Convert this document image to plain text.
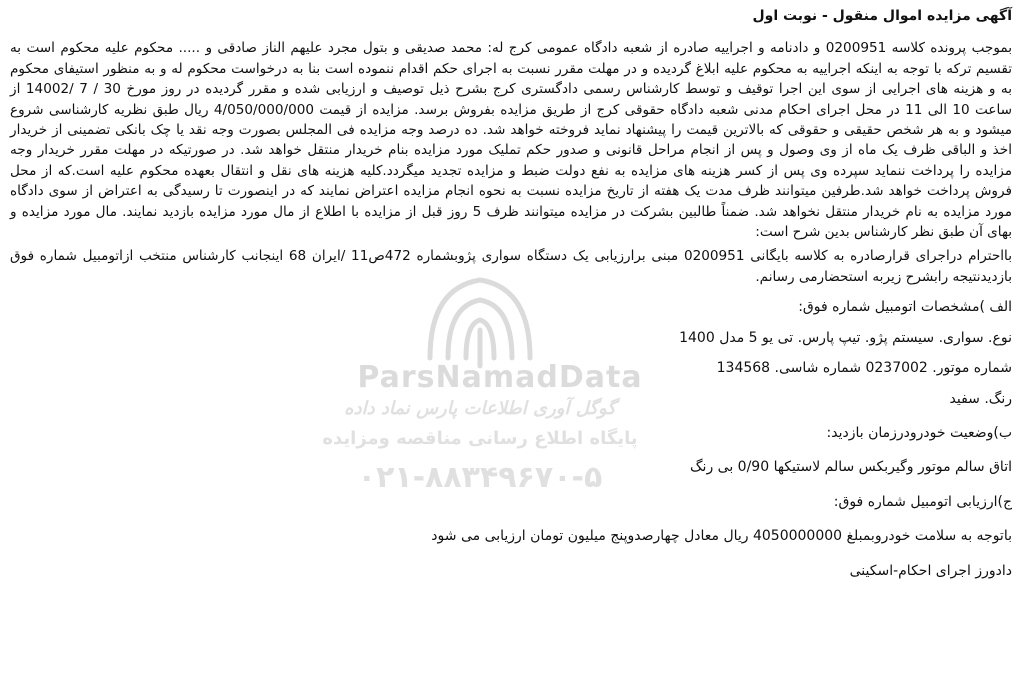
آگهی مزایده اموال منقول - نوبت اول

بموجب پرونده کلاسه 0200951 و دادنامه و اجراییه صادره از شعبه دادگاه عمومی کرج له: محمد صدیقی و بتول مجرد علیهم الناز صادقی و ..... محکوم علیه محکوم است به تقسیم ترکه با توجه به اینکه اجراییه به محکوم علیه ابلاغ گردیده و در مهلت مقرر نسبت به اجرای حکم اقدام ننموده است بنا به درخواست محکوم له و به منظور استیفای محکوم به و هزینه های اجرایی از سوی این اجرا توقیف و توسط کارشناس رسمی دادگستری کرج بشرح ذیل توصیف و ارزیابی شده و مقرر گردیده در روز مورخ 30 / 7 /14002 از ساعت 10 الی 11 در محل اجرای احکام مدنی شعبه دادگاه حقوقی کرج از طریق مزایده بفروش برسد. مزایده از قیمت 4/050/000/000 ریال طبق نظریه کارشناسی شروع میشود و به هر شخص حقیقی و حقوقی که بالاترین قیمت را پیشنهاد نماید فروخته خواهد شد. ده درصد وجه مزایده فی المجلس بصورت وجه نقد یا چک بانکی تضمینی از خریدار اخذ و الباقی ظرف یک ماه از وی وصول و پس از انجام مراحل قانونی و صدور حکم تملیک مورد مزایده بنام خریدار منتقل خواهد شد. در صورتیکه در مهلت مقرر خریدار وجه مزایده را پرداخت ننماید سپرده وی پس از کسر هزینه های مزایده به نفع دولت ضبط و مزایده تجدید میگردد.کلیه هزینه های نقل و انتقال بعهده محکوم علیه است.که از محل فروش پرداخت خواهد شد.طرفین میتوانند ظرف مدت یک هفته از تاریخ مزایده نسبت به نحوه انجام مزایده اعتراض نمایند که در اینصورت تا رسیدگی به اعتراض از سوی دادگاه مورد مزایده به نام خریدار منتقل نخواهد شد. ضمناً طالبین بشرکت در مزایده میتوانند ظرف 5 روز قبل از مزایده با اطلاع از مال مورد مزایده بازدید نمایند. مال مورد مزایده و بهای آن طبق نظر کارشناس بدین شرح است:

بااحترام دراجرای قرارصادره به کلاسه بایگانی 0200951 مبنی برارزیابی یک دستگاه سواری پژوبشماره 472ص11 /ایران 68 اینجانب کارشناس منتخب ازاتومبیل شماره فوق بازدیدنتیجه رابشرح زیربه استحضارمی رسانم.

الف )مشخصات اتومبیل شماره فوق:

نوع. سواری. سیستم پژو. تیپ پارس. تی یو 5 مدل 1400

شماره موتور. 0237002 شماره شاسی. 134568

رنگ. سفید

ب)وضعیت خودرودرزمان بازدید:

اتاق سالم موتور وگیربکس سالم لاستیکها 0/90 بی رنگ

ج)ارزیابی اتومبیل شماره فوق:

باتوجه به سلامت خودروبمبلغ 4050000000 ریال معادل چهارصدوپنج میلیون تومان ارزیابی می شود

دادورز اجرای احکام-اسکینی

ParsNamadData
گوگل آوری اطلاعات پارس نماد داده
پایگاه اطلاع رسانی مناقصه ومزایده
۰۲۱-۸۸۳۴۹۶۷۰-۵
